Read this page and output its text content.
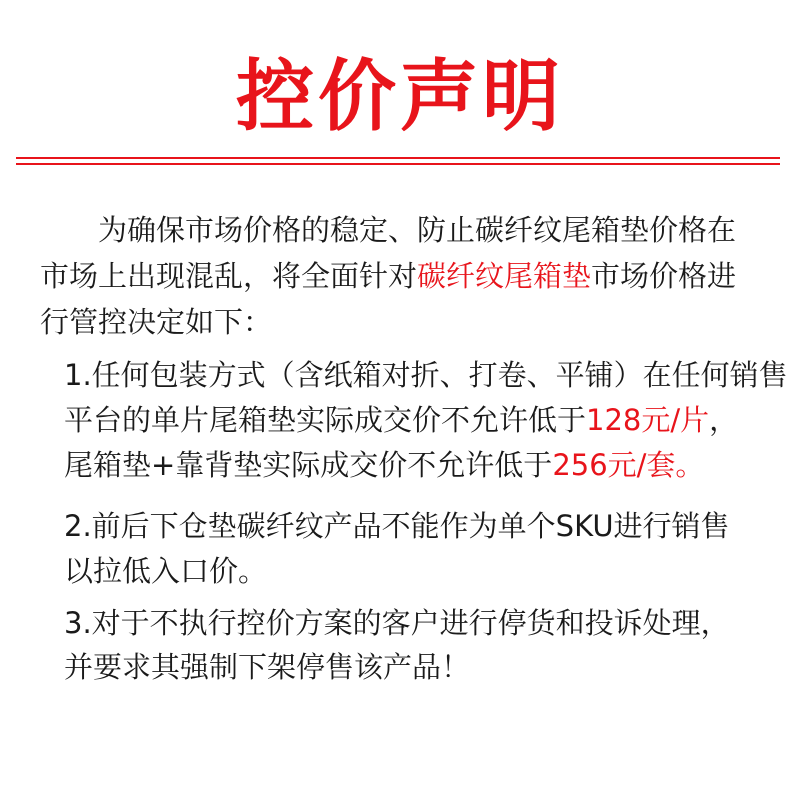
控价声明
为确保市场价格的稳定、防止碳纤纹尾箱垫价格在
市场上出现混乱，将全面针对碳纤纹尾箱垫市场价格进
行管控决定如下：
1.任何包装方式（含纸箱对折、打卷、平铺）在任何销售
平台的单片尾箱垫实际成交价不允许低于128元/片，
尾箱垫+靠背垫实际成交价不允许低于256元/套。
2.前后下仓垫碳纤纹产品不能作为单个SKU进行销售
以拉低入口价。
3.对于不执行控价方案的客户进行停货和投诉处理，
并要求其强制下架停售该产品！
